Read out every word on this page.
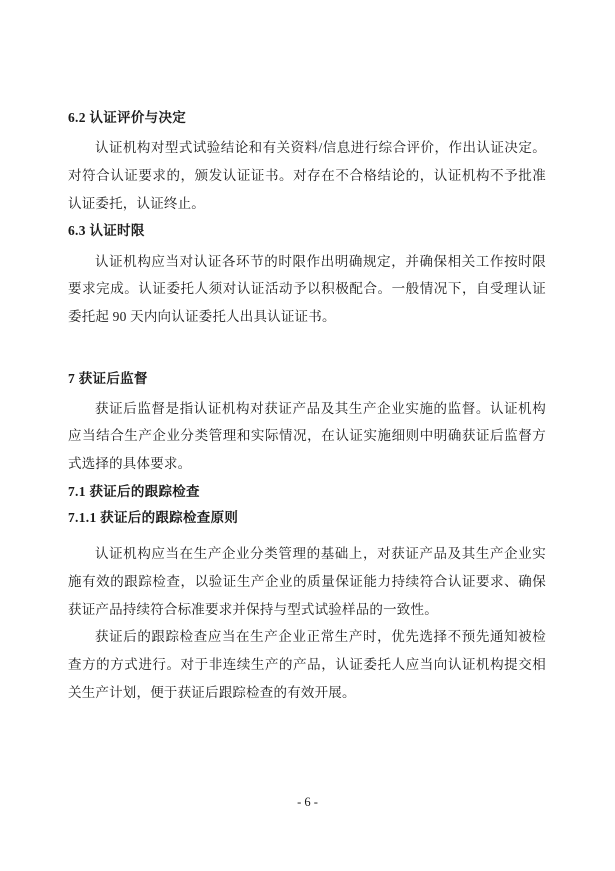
6.2 认证评价与决定

认证机构对型式试验结论和有关资料/信息进行综合评价，作出认证决定。对符合认证要求的，颁发认证证书。对存在不合格结论的，认证机构不予批准认证委托，认证终止。

6.3 认证时限

认证机构应当对认证各环节的时限作出明确规定，并确保相关工作按时限要求完成。认证委托人须对认证活动予以积极配合。一般情况下，自受理认证委托起 90 天内向认证委托人出具认证证书。

7 获证后监督

获证后监督是指认证机构对获证产品及其生产企业实施的监督。认证机构应当结合生产企业分类管理和实际情况，在认证实施细则中明确获证后监督方式选择的具体要求。

7.1 获证后的跟踪检查
7.1.1 获证后的跟踪检查原则

认证机构应当在生产企业分类管理的基础上，对获证产品及其生产企业实施有效的跟踪检查，以验证生产企业的质量保证能力持续符合认证要求、确保获证产品持续符合标准要求并保持与型式试验样品的一致性。

获证后的跟踪检查应当在生产企业正常生产时，优先选择不预先通知被检查方的方式进行。对于非连续生产的产品，认证委托人应当向认证机构提交相关生产计划，便于获证后跟踪检查的有效开展。

- 6 -
